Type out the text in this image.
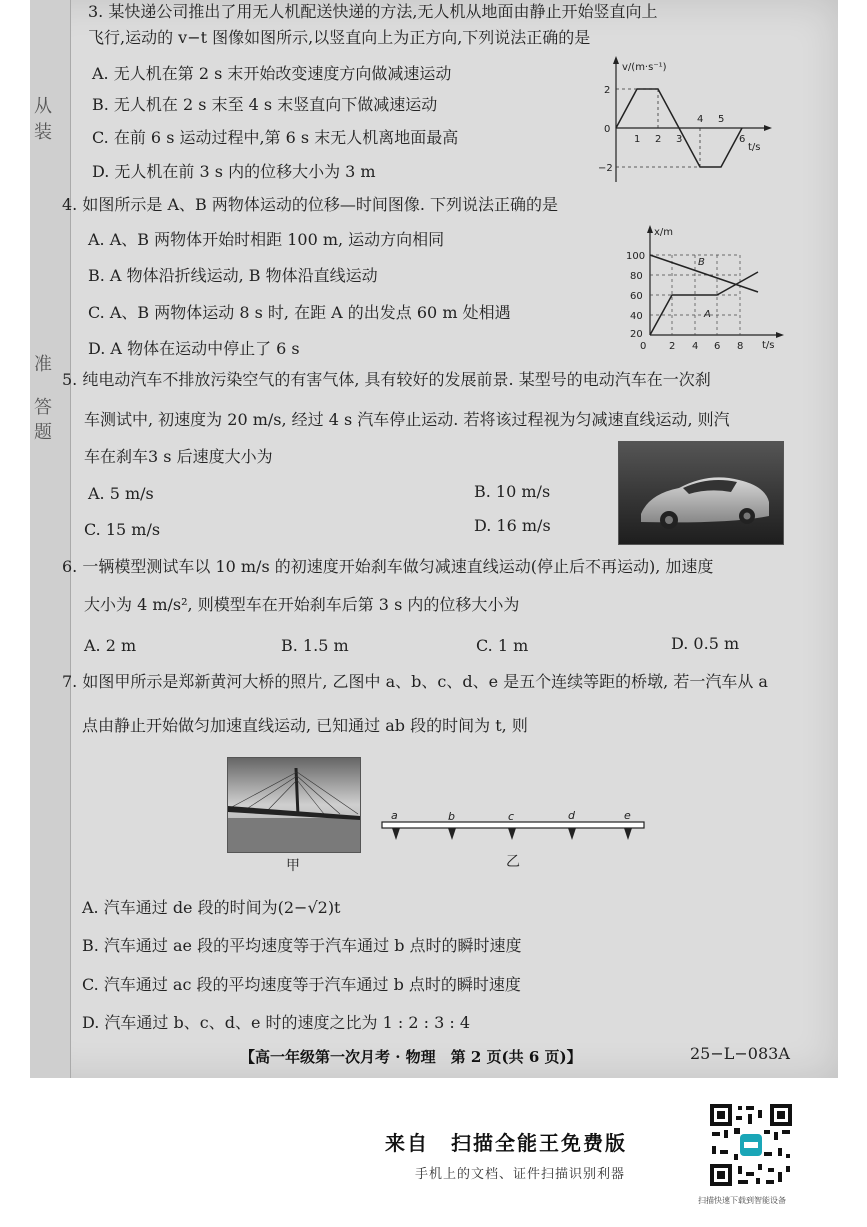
从
装
准
答
题
3. 某快递公司推出了用无人机配送快递的方法,无人机从地面由静止开始竖直向上
飞行,运动的 v−t 图像如图所示,以竖直向上为正方向,下列说法正确的是
A. 无人机在第 2 s 末开始改变速度方向做减速运动
B. 无人机在 2 s 末至 4 s 末竖直向下做减速运动
C. 在前 6 s 运动过程中,第 6 s 末无人机离地面最高
D. 无人机在前 3 s 内的位移大小为 3 m
v/(m·s⁻¹)
t/s
2
0
−2
1 2 3
4 5
6
4. 如图所示是 A、B 两物体运动的位移—时间图像. 下列说法正确的是
A. A、B 两物体开始时相距 100 m, 运动方向相同
B. A 物体沿折线运动, B 物体沿直线运动
C. A、B 两物体运动 8 s 时, 在距 A 的出发点 60 m 处相遇
D. A 物体在运动中停止了 6 s
x/m
t/s
100
80
60
40
20
0 2 4 6 8
A
B
5. 纯电动汽车不排放污染空气的有害气体, 具有较好的发展前景. 某型号的电动汽车在一次刹
车测试中, 初速度为 20 m/s, 经过 4 s 汽车停止运动. 若将该过程视为匀减速直线运动, 则汽
车在刹车3 s 后速度大小为
A. 5 m/s	B. 10 m/s
C. 15 m/s	D. 16 m/s
6. 一辆模型测试车以 10 m/s 的初速度开始刹车做匀减速直线运动(停止后不再运动), 加速度
大小为 4 m/s², 则模型车在开始刹车后第 3 s 内的位移大小为
A. 2 m	B. 1.5 m	C. 1 m	D. 0.5 m
7. 如图甲所示是郑新黄河大桥的照片, 乙图中 a、b、c、d、e 是五个连续等距的桥墩, 若一汽车从 a
点由静止开始做匀加速直线运动, 已知通过 ab 段的时间为 t, 则
甲
a	b	c	d	e
乙
A. 汽车通过 de 段的时间为(2−√2)t
B. 汽车通过 ae 段的平均速度等于汽车通过 b 点时的瞬时速度
C. 汽车通过 ac 段的平均速度等于汽车通过 b 点时的瞬时速度
D. 汽车通过 b、c、d、e 时的速度之比为 1 : 2 : 3 : 4
【高一年级第一次月考 · 物理　第 2 页(共 6 页)】	25−L−083A
来自　扫描全能王免费版
手机上的文档、证件扫描识别利器
扫描快速下载到智能设备
